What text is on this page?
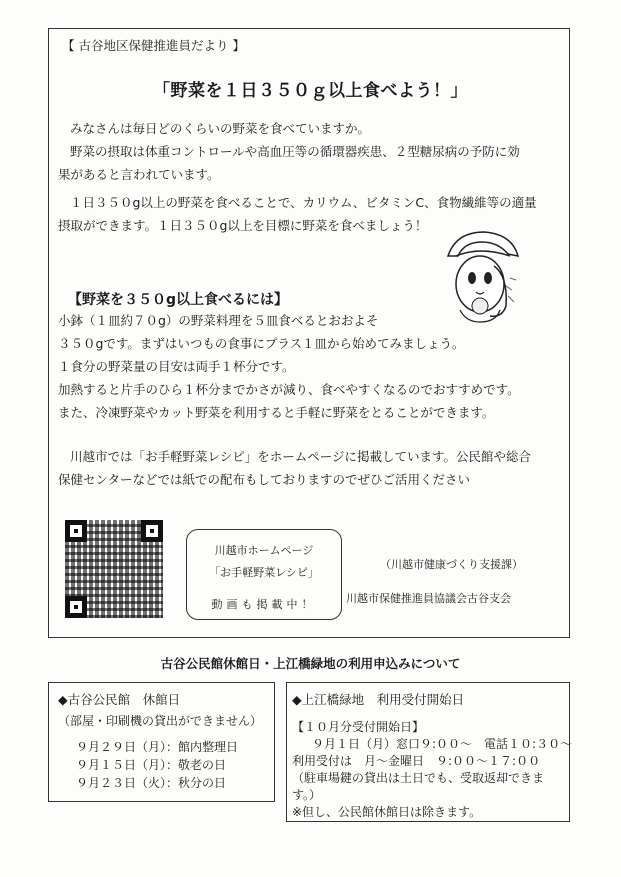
【 古谷地区保健推進員だより 】
「野菜を１日３５０ｇ以上食べよう！」
みなさんは毎日どのくらいの野菜を食べていますか。
野菜の摂取は体重コントロールや高血圧等の循環器疾患、２型糖尿病の予防に効
果があると言われています。
１日３５０g以上の野菜を食べることで、カリウム、ビタミンC、食物繊維等の適量
摂取ができます。１日３５０g以上を目標に野菜を食べましょう！
【野菜を３５０g以上食べるには】
小鉢（１皿約７０g）の野菜料理を５皿食べるとおおよそ
３５０gです。まずはいつもの食事にプラス１皿から始めてみましょう。
１食分の野菜量の目安は両手１杯分です。
加熱すると片手のひら１杯分までかさが減り、食べやすくなるのでおすすめです。
また、冷凍野菜やカット野菜を利用すると手軽に野菜をとることができます。
川越市では「お手軽野菜レシピ」をホームページに掲載しています。公民館や総合
保健センターなどでは紙での配布もしておりますのでぜひご活用ください
川越市ホームページ
「お手軽野菜レシピ」
動画も掲載中！
（川越市健康づくり支援課）
川越市保健推進員協議会古谷支会
古谷公民館休館日・上江橋緑地の利用申込みについて
◆古谷公民館　休館日
（部屋・印刷機の貸出ができません）
９月２９日（月）：館内整理日
９月１５日（月）：敬老の日
９月２３日（火）：秋分の日
◆上江橋緑地　利用受付開始日
【１０月分受付開始日】
９月１日（月）窓口９:００～　電話１０:３０～
利用受付は　月～金曜日　９:００～１７:００
（駐車場鍵の貸出は土日でも、受取返却できま
す。）
※但し、公民館休館日は除きます。
